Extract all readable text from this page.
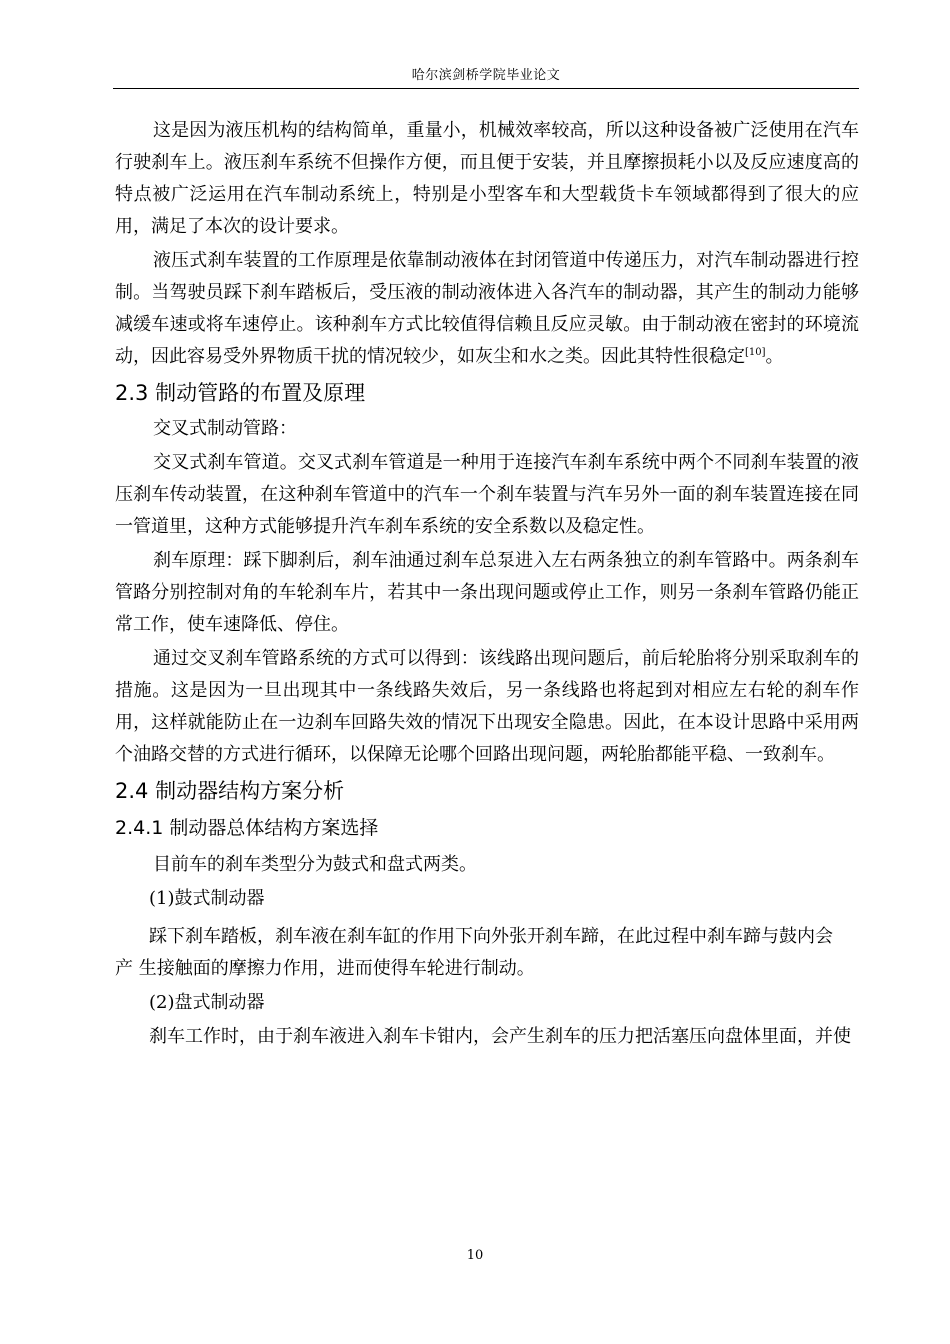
哈尔滨剑桥学院毕业论文

这是因为液压机构的结构简单，重量小，机械效率较高，所以这种设备被广泛使用在汽车行驶刹车上。液压刹车系统不但操作方便，而且便于安装，并且摩擦损耗小以及反应速度高的特点被广泛运用在汽车制动系统上，特别是小型客车和大型载货卡车领域都得到了很大的应用，满足了本次的设计要求。

液压式刹车装置的工作原理是依靠制动液体在封闭管道中传递压力，对汽车制动器进行控制。当驾驶员踩下刹车踏板后，受压液的制动液体进入各汽车的制动器，其产生的制动力能够减缓车速或将车速停止。该种刹车方式比较值得信赖且反应灵敏。由于制动液在密封的环境流动，因此容易受外界物质干扰的情况较少，如灰尘和水之类。因此其特性很稳定[10]。

2.3 制动管路的布置及原理

交叉式制动管路：

交叉式刹车管道。交叉式刹车管道是一种用于连接汽车刹车系统中两个不同刹车装置的液压刹车传动装置，在这种刹车管道中的汽车一个刹车装置与汽车另外一面的刹车装置连接在同一管道里，这种方式能够提升汽车刹车系统的安全系数以及稳定性。

刹车原理：踩下脚刹后，刹车油通过刹车总泵进入左右两条独立的刹车管路中。两条刹车管路分别控制对角的车轮刹车片，若其中一条出现问题或停止工作，则另一条刹车管路仍能正常工作，使车速降低、停住。

通过交叉刹车管路系统的方式可以得到：该线路出现问题后，前后轮胎将分别采取刹车的措施。这是因为一旦出现其中一条线路失效后，另一条线路也将起到对相应左右轮的刹车作用，这样就能防止在一边刹车回路失效的情况下出现安全隐患。因此，在本设计思路中采用两个油路交替的方式进行循环，以保障无论哪个回路出现问题，两轮胎都能平稳、一致刹车。

2.4 制动器结构方案分析
2.4.1 制动器总体结构方案选择

目前车的刹车类型分为鼓式和盘式两类。

(1)鼓式制动器

踩下刹车踏板，刹车液在刹车缸的作用下向外张开刹车蹄，在此过程中刹车蹄与鼓内会

产 生接触面的摩擦力作用，进而使得车轮进行制动。

(2)盘式制动器

刹车工作时，由于刹车液进入刹车卡钳内，会产生刹车的压力把活塞压向盘体里面，并使

10
